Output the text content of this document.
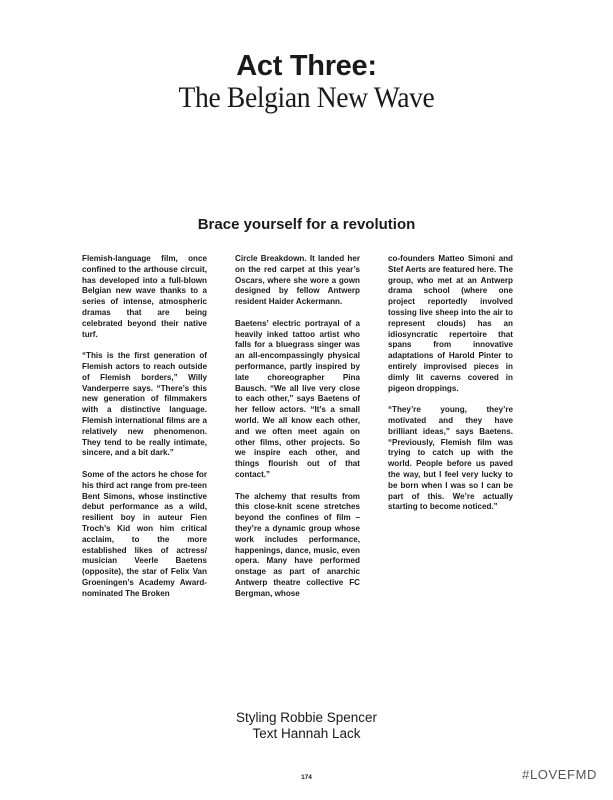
Act Three:
The Belgian New Wave
Brace yourself for a revolution

Flemish-language film, once confined to the arthouse circuit, has developed into a full-blown Belgian new wave thanks to a series of intense, atmospheric dramas that are being celebrated beyond their native turf.

“This is the first generation of Flemish actors to reach outside of Flemish borders,” Willy Vanderperre says. “There’s this new generation of filmmakers with a distinctive language. Flemish international films are a relatively new phenomenon. They tend to be really intimate, sincere, and a bit dark.”

Some of the actors he chose for his third act range from pre-teen Bent Simons, whose instinctive debut performance as a wild, resilient boy in auteur Fien Troch’s Kid won him critical acclaim, to the more established likes of actress/ musician Veerle Baetens (opposite), the star of Felix Van Groeningen’s Academy Award-nominated The Broken

Circle Breakdown. It landed her on the red carpet at this year’s Oscars, where she wore a gown designed by fellow Antwerp resident Haider Ackermann.

Baetens’ electric portrayal of a heavily inked tattoo artist who falls for a bluegrass singer was an all-encompassingly physical performance, partly inspired by late choreographer Pina Bausch. “We all live very close to each other,” says Baetens of her fellow actors. “It’s a small world. We all know each other, and we often meet again on other films, other projects. So we inspire each other, and things flourish out of that contact.”

The alchemy that results from this close-knit scene stretches beyond the confines of film – they’re a dynamic group whose work includes performance, happenings, dance, music, even opera. Many have performed onstage as part of anarchic Antwerp theatre collective FC Bergman, whose

co-founders Matteo Simoni and Stef Aerts are featured here. The group, who met at an Antwerp drama school (where one project reportedly involved tossing live sheep into the air to represent clouds) has an idiosyncratic repertoire that spans from innovative adaptations of Harold Pinter to entirely improvised pieces in dimly lit caverns covered in pigeon droppings.

“They’re young, they’re motivated and they have brilliant ideas,” says Baetens. “Previously, Flemish film was trying to catch up with the world. People before us paved the way, but I feel very lucky to be born when I was so I can be part of this. We’re actually starting to become noticed.”

Styling Robbie Spencer
Text Hannah Lack
174	#LOVEFMD
